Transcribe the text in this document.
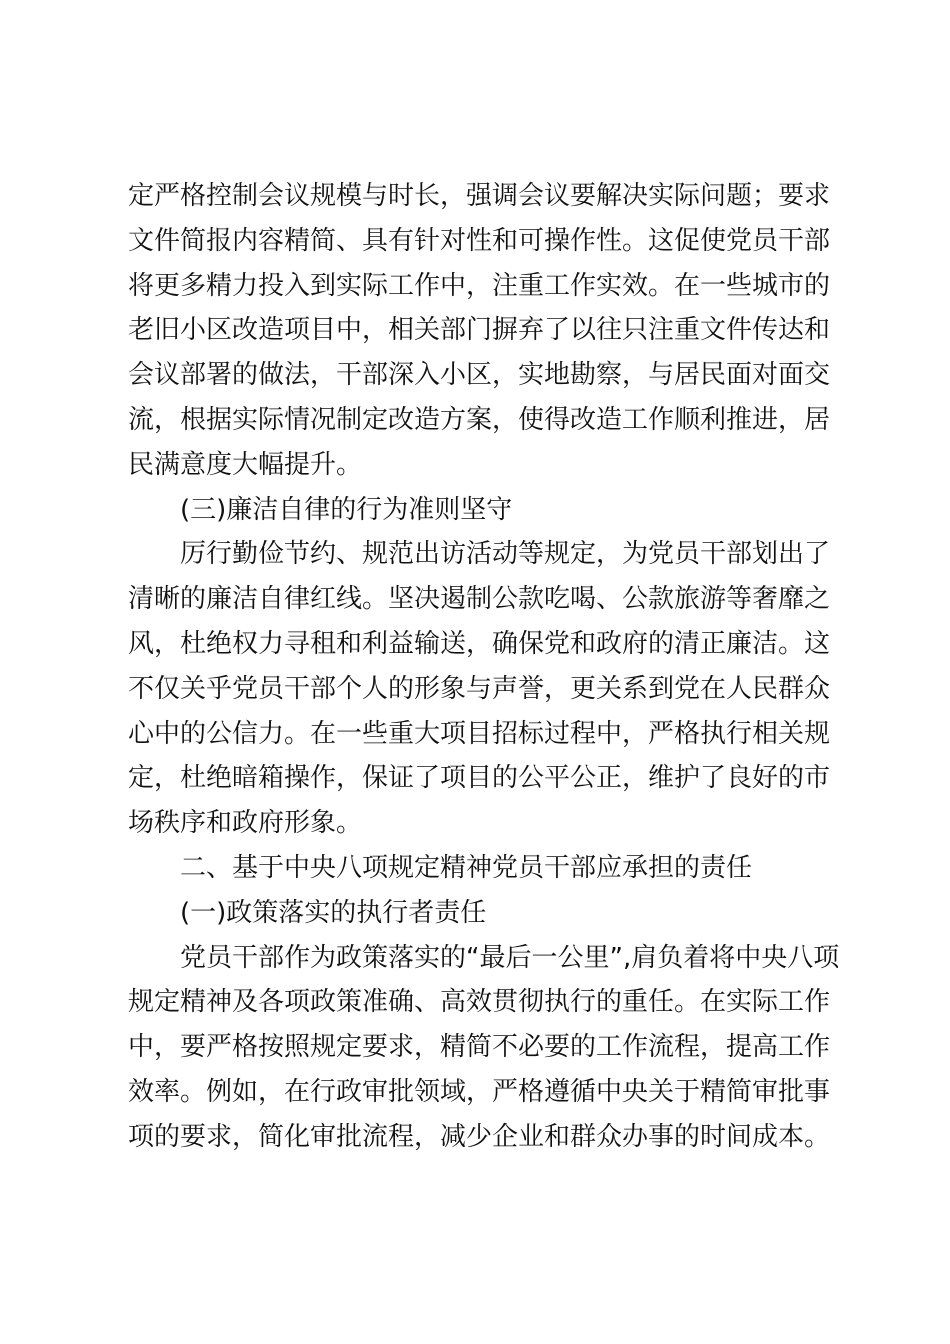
定严格控制会议规模与时长，强调会议要解决实际问题；要求
文件简报内容精简、具有针对性和可操作性。这促使党员干部
将更多精力投入到实际工作中，注重工作实效。在一些城市的
老旧小区改造项目中，相关部门摒弃了以往只注重文件传达和
会议部署的做法，干部深入小区，实地勘察，与居民面对面交
流，根据实际情况制定改造方案，使得改造工作顺利推进，居
民满意度大幅提升。
(三)廉洁自律的行为准则坚守
厉行勤俭节约、规范出访活动等规定，为党员干部划出了
清晰的廉洁自律红线。坚决遏制公款吃喝、公款旅游等奢靡之
风，杜绝权力寻租和利益输送，确保党和政府的清正廉洁。这
不仅关乎党员干部个人的形象与声誉，更关系到党在人民群众
心中的公信力。在一些重大项目招标过程中，严格执行相关规
定，杜绝暗箱操作，保证了项目的公平公正，维护了良好的市
场秩序和政府形象。
二、基于中央八项规定精神党员干部应承担的责任
(一)政策落实的执行者责任
党员干部作为政策落实的“最后一公里”,肩负着将中央八项
规定精神及各项政策准确、高效贯彻执行的重任。在实际工作
中，要严格按照规定要求，精简不必要的工作流程，提高工作
效率。例如，在行政审批领域，严格遵循中央关于精简审批事
项的要求，简化审批流程，减少企业和群众办事的时间成本。
